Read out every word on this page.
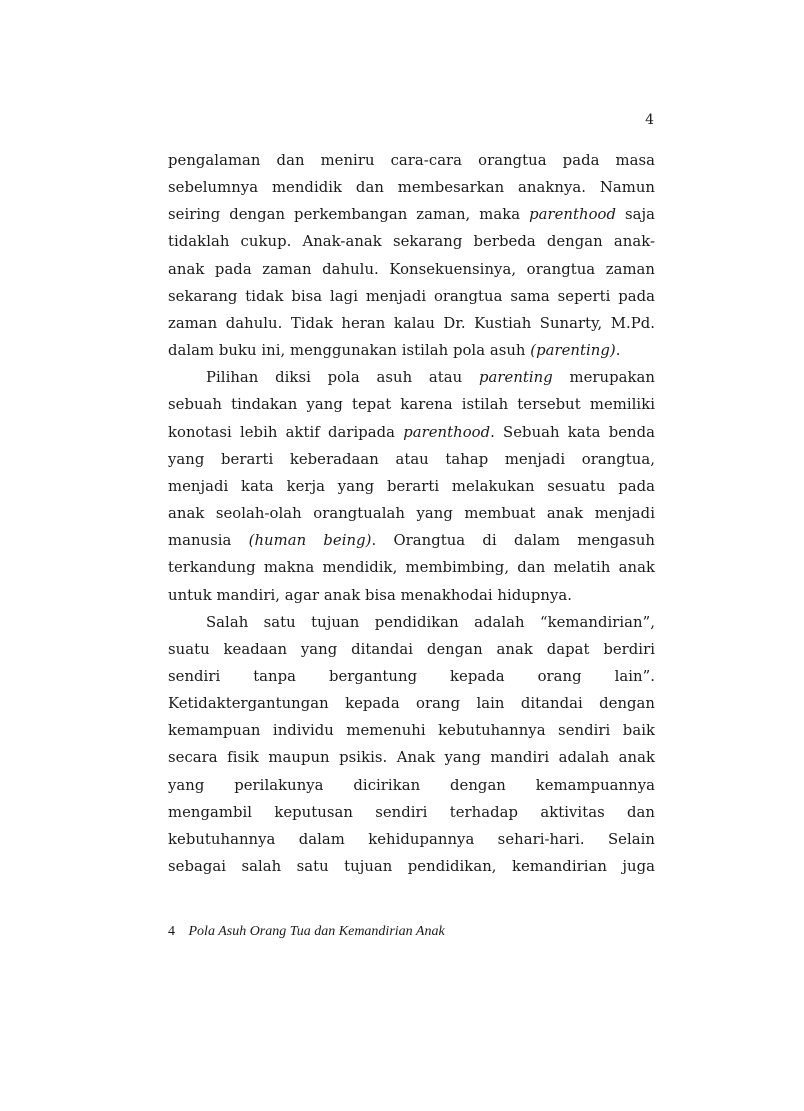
4

pengalaman dan meniru cara-cara orangtua pada masa
sebelumnya mendidik dan membesarkan anaknya. Namun
seiring dengan perkembangan zaman, maka parenthood saja
tidaklah cukup. Anak-anak sekarang berbeda dengan anak-
anak pada zaman dahulu. Konsekuensinya, orangtua zaman
sekarang tidak bisa lagi menjadi orangtua sama seperti pada
zaman dahulu. Tidak heran kalau Dr. Kustiah Sunarty, M.Pd.
dalam buku ini, menggunakan istilah pola asuh (parenting).

Pilihan diksi pola asuh atau parenting merupakan
sebuah tindakan yang tepat karena istilah tersebut memiliki
konotasi lebih aktif daripada parenthood. Sebuah kata benda
yang berarti keberadaan atau tahap menjadi orangtua,
menjadi kata kerja yang berarti melakukan sesuatu pada
anak seolah-olah orangtualah yang membuat anak menjadi
manusia (human being). Orangtua di dalam mengasuh
terkandung makna mendidik, membimbing, dan melatih anak
untuk mandiri, agar anak bisa menakhodai hidupnya.

Salah satu tujuan pendidikan adalah “kemandirian”,
suatu keadaan yang ditandai dengan anak dapat berdiri
sendiri tanpa bergantung kepada orang lain”.
Ketidaktergantungan kepada orang lain ditandai dengan
kemampuan individu memenuhi kebutuhannya sendiri baik
secara fisik maupun psikis. Anak yang mandiri adalah anak
yang perilakunya dicirikan dengan kemampuannya
mengambil keputusan sendiri terhadap aktivitas dan
kebutuhannya dalam kehidupannya sehari-hari. Selain
sebagai salah satu tujuan pendidikan, kemandirian juga

4 Pola Asuh Orang Tua dan Kemandirian Anak
